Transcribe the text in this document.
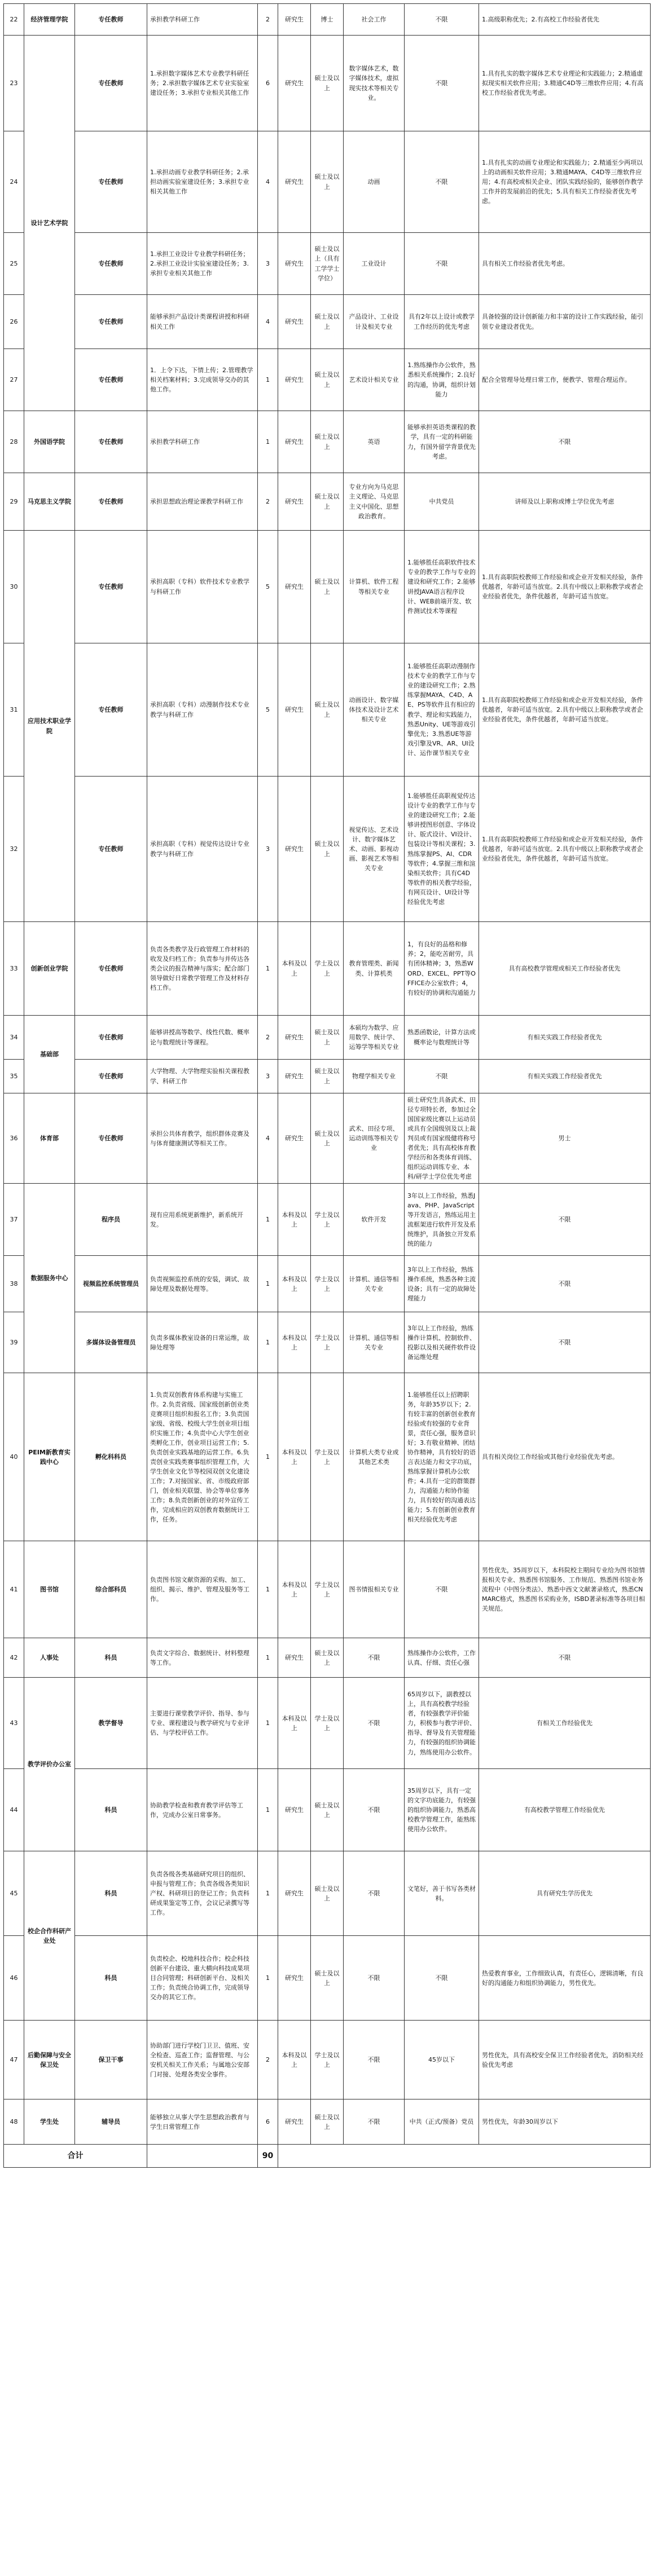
22	经济管理学院	专任教师	承担教学科研工作	2	研究生	博士	社会工作	不限	1.高级职称优先；2.有高校工作经验者优先
23	设计艺术学院	专任教师	1.承担数字媒体艺术专业教学科研任务；2.承担数字媒体艺术专业实验室建设任务；3.承担专业相关其他工作	6	研究生	硕士及以上	数字媒体艺术，数字媒体技术，虚拟现实技术等相关专业。	不限	1.具有扎实的数字媒体艺术专业理论和实践能力；2.精通虚拟现实相关软件应用；3.精通C4D等三维软件应用；4.有高校工作经验者优先考虑。
24		专任教师	1.承担动画专业教学科研任务；2.承担动画实验室建设任务；3.承担专业相关其他工作	4	研究生	硕士及以上	动画	不限	1.具有扎实的动画专业理论和实践能力；2.精通至少两项以上的动画相关软件应用；3.精通MAYA、C4D等三维软件应用；4.有高校或相关企业、团队实践经验的，能够创作教学工作并的发展前沿的优先；5.具有相关工作经验者优先考虑。
25		专任教师	1.承担工业设计专业教学科研任务；2.承担工业设计实验室建设任务；3.承担专业相关其他工作	3	研究生	硕士及以上（具有工学学士学位）	工业设计	不限	具有相关工作经验者优先考虑。
26		专任教师	能够承担产品设计类课程讲授和科研相关工作	4	研究生	硕士及以上	产品设计、工业设计及相关专业	具有2年以上设计或教学工作经历的优先考虑	具备较强的设计创新能力和丰富的设计工作实践经验，能引领专业建设者优先。
27		专任教师	1．上令下达，下情上传；2.管理教学相关档案材料；3.完成领导交办的其他工作。	1	研究生	硕士及以上	艺术设计相关专业	1.熟练操作办公软件，熟悉相关系统操作；2.良好的沟通，协调，组织计划能力	配合全管理导处理日常工作，便教学、管理合理运作。
28	外国语学院	专任教师	承担教学科研工作	1	研究生	硕士及以上	英语	能够承担英语类课程的教学，具有一定的科研能力，有国外留学背景优先考虑。	不限
29	马克思主义学院	专任教师	承担思想政治理论课教学科研工作	2	研究生	硕士及以上	专业方向为马克思主义理论、马克思主义中国化、思想政治教育。	中共党员	讲师及以上职称或博士学位优先考虑
30	应用技术职业学院	专任教师	承担高职（专科）软件技术专业教学与科研工作	5	研究生	硕士及以上	计算机、软件工程等相关专业	1.能够胜任高职软件技术专业的教学工作与专业的建设和研究工作；2.能够讲授JAVA语言程序设计、WEB前端开发、软件测试技术等课程	1.具有高职院校教师工作经验和或企业开发相关经验，条件优越者，年龄可适当放宽。2.具有中级以上职称教学或者企业经验者优先，条件优越者，年龄可适当放宽。
31		专任教师	承担高职（专科）动漫制作技术专业教学与科研工作	5	研究生	硕士及以上	动画设计、数字媒体技术及设计艺术相关专业	1.能够胜任高职动漫制作技术专业的教学工作与专业的建设研究工作；2.熟练掌握MAYA、C4D、AE、PS等软件且有相应的教学、理论和实践能力，熟悉Unity、UE等游戏引擎优先；3.熟悉UE等游戏引擎及VR、AR、UI设计、运作课节相关专业	1.具有高职院校教师工作经验和或企业开发相关经验，条件优越者，年龄可适当放宽。2.具有中级以上职称教学或者企业经验者优先，条件优越者，年龄可适当放宽。
32		专任教师	承担高职（专科）视觉传达设计专业教学与科研工作	3	研究生	硕士及以上	视觉传达、艺术设计、数字媒体艺术、动画、影视动画、影视艺术等相关专业	1.能够胜任高职视觉传达设计专业的教学工作与专业的建设研究工作；2.能够讲授图形创意、字体设计、版式设计、VI设计、包装设计等相关课程；3.熟练掌握PS、AI、CDR等软件；4.掌握三维和渲染相关软件；具有C4D等软件的相关教学经验，有网页设计、UI设计等经验优先考虑	1.具有高职院校教师工作经验和或企业开发相关经验，条件优越者，年龄可适当放宽。2.具有中级以上职称教学或者企业经验者优先，条件优越者，年龄可适当放宽。
33	创新创业学院	专任教师	负责各类教学及行政管理工作材料的收发及归档工作；负责参与并传达各类会议的报告精神与落实；配合部门领导做好日常教学管理工作及材料存档工作。	1	本科及以上	学士及以上	教育管理类、新闻类、计算机类	1，有良好的品格和修养；2，能吃苦耐劳，具有团体精神；3，熟悉WORD、EXCEL、PPT等OFFICE办公室软件；4，有较好的协调和沟通能力	具有高校教学管理或相关工作经验者优先
34	基础部	专任教师	能够讲授高等数学、线性代数、概率论与数理统计等课程。	2	研究生	硕士及以上	本硕均为数学、应用数学、统计学、运筹学等相关专业	熟悉函数论，计算方法或概率论与数理统计等	有相关实践工作经验者优先
35		专任教师	大学物理、大学物理实验相关课程教学、科研工作	3	研究生	硕士及以上	物理学相关专业	不限	有相关实践工作经验者优先
36	体育部	专任教师	承担公共体育教学，组织群体竞赛及与体育健康测试等相关工作。	4	研究生	硕士及以上	武术、田径专项、运动训练等相关专业	硕士研究生具备武术、田径专项特长者，参加过全国国家级比赛以上运动员或具有全国级别及以上裁判员或有国家级健将称号者优先；具有高校体育教学经历和各类体育训练、组织运动训练专业、本科/研学士学位优先考虑	男士
37	数据服务中心	程序员	现有应用系统更新维护，新系统开发。	1	本科及以上	学士及以上	软件开发	3年以上工作经验，熟悉Java、PHP、JavaScript等开发语言，熟练运用主流框架进行软件开发及系统维护，具备独立开发系统的能力	不限
38		视频监控系统管理员	负责视频监控系统的安装，调试、故障处理及数据处理等。	1	本科及以上	学士及以上	计算机、通信等相关专业	3年以上工作经验，熟练操作系统，熟悉各种主流设备；具有一定的故障处理能力	不限
39		多媒体设备管理员	负责多媒体教室设备的日常运维，故障处理等	1	本科及以上	学士及以上	计算机、通信等相关专业	3年以上工作经验，熟练操作计算机、控制软件、投影以及相关硬件软件设备运维处理	不限
40	PEIM新教育实践中心	孵化科科员	1.负责双创教育体系构建与实施工作。2.负责省级、国家级创新创业类竞赛项目组织和报名工作；3.负责国家级、省级、校级大学生创业项目组织实施工作；4.负责中心大学生创业类孵化工作，创业项目运营工作；5.负责创业实践基地的运营工作。6.负责创业实践类赛事组织管理工作，大学生创业文化节等校园双创文化建设工作；7.对接国家、省、市级政府部门，创业相关联盟、协会等单位事务工作；8.负责创新创业的对外宣传工作，完成相应的双创教育数据统计工作，任务。	1	本科及以上	学士及以上	计算机大类专业或其他艺术类	1.能够胜任以上招聘职务，年龄35岁以下；2.有较丰富的创新创业教育经验或有较强的专业背景，责任心强，服务意识好；3.有敬业精神、团结协作精神，具有较好的语言表达能力和文字功底，熟练掌握计算机办公软件；4.具有一定的群策群力，沟通能力和协作能力，具有较好的沟通表达能力；5.有创新创业教育相关经验优先考虑	具有相关岗位工作经验或其他行业经验优先考虑。
41	图书馆	综合部科员	负责图书馆文献资源的采购、加工、组织、揭示、维护、管理及服务等工作。	1	本科及以上	学士及以上	图书情报相关专业	不限	男性优先，35周岁以下，本科院校主期间专业给为图书馆情报相关专业、熟悉图书馆服务、工作规范、熟悉图书馆业务流程中《中图分类法》、熟悉中西文文献著录格式，熟悉CNMARC格式，熟悉图书采购业务，ISBD著录标准等各项目相关规范。
42	人事处	科员	负责文字综合、数据统计、材料整理等工作。	1	研究生	硕士及以上	不限	熟练操作办公软件，工作认真、仔细、责任心强	不限
43	教学评价办公室	教学督导	主要进行课堂教学评价、指导、参与专业、课程建设与教学研究与专业评估、与学校评估工作。	1	本科及以上	学士及以上	不限	65周岁以下，副教授以上，具有高校教学经验者，有较强教学评价能力，积极参与教学评价、指导、督导及有关管理能力，有较强的组织协调能力，熟练使用办公软件。	有相关工作经验优先
44		科员	协助教学检查和教育教学评估等工作，完成办公室日常事务。	1	研究生	硕士及以上	不限	35周岁以下，具有一定的文字功底能力，有较强的组织协调能力，熟悉高校教学管理工作，能熟练使用办公软件。	有高校教学管理工作经验优先
45	校企合作科研产业处	科员	负责各级各类基础研究项目的组织、申报与管理工作；负责各级各类知识产权、科研项目的登记工作；负责科研成果鉴定等工作，会议记录撰写等工作。	1	研究生	硕士及以上	不限	文笔好，善于书写各类材料。	具有研究生学历优先
46		科员	负责校企、校地科技合作；校企科技创新平台建设、重大横向科技成果项目合同管理；科研创新平台、及相关工作；负责统合协调工作，完成领导交办的其它工作。	1	研究生	硕士及以上	不限	不限	热爱教育事业，工作细致认真，有责任心，逻辑清晰，有良好的沟通能力和组织协调能力，男性优先。
47	后勤保障与安全保卫处	保卫干事	协助部门进行学校门卫卫、值班、安全检查、巡查工作；监督管理、与公安机关相关工作关系；与属地公安部门对接、处理各类安全事件。	2	本科及以上	学士及以上	不限	45岁以下	男性优先，具有高校安全保卫工作经验者优先，消防相关经验优先考虑
48	学生处	辅导员	能够独立从事大学生思想政治教育与学生日常管理工作	6	研究生	硕士及以上	不限	中共（正式/预备）党员	男性优先，年龄30周岁以下
合计				90					
